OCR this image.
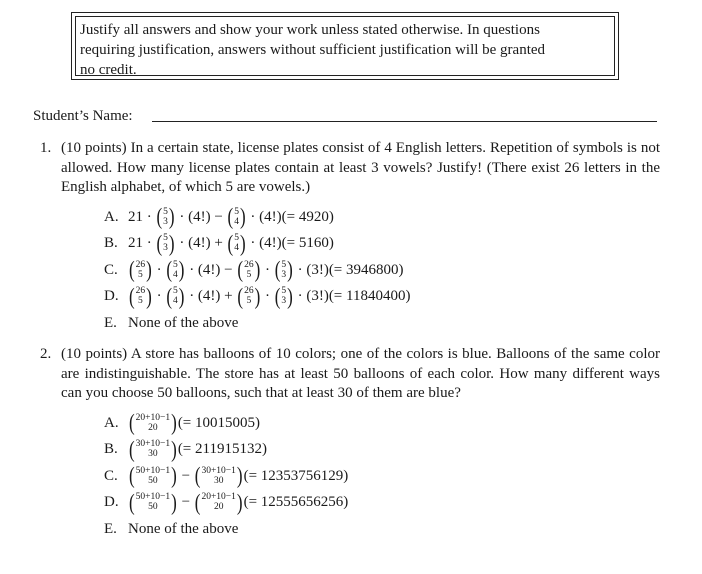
Justify all answers and show your work unless stated otherwise. In questions
requiring justification, answers without sufficient justification will be granted
no credit.
Student’s Name:
1. (10 points) In a certain state, license plates consist of 4 English letters. Repetition of symbols is not allowed. How many license plates contain at least 3 vowels? Justify! (There exist 26 letters in the English alphabet, of which 5 are vowels.)
A. 21 · ( 5
3 ) · (4!) − ( 5
4 ) · (4!) (= 4920)
B. 21 · ( 5
3 ) · (4!) + ( 5
4 ) · (4!) (= 5160)
C. ( 26
5 ) · ( 5
4 ) · (4!) − ( 26
5 ) · ( 5
3 ) · (3!) (= 3946800)
D. ( 26
5 ) · ( 5
4 ) · (4!) + ( 26
5 ) · ( 5
3 ) · (3!) (= 11840400)
E. None of the above
2. (10 points) A store has balloons of 10 colors; one of the colors is blue. Balloons of the same color are indistinguishable. The store has at least 50 balloons of each color. How many different ways can you choose 50 balloons, such that at least 30 of them are blue?
A. ( 20+10−1
20 ) (= 10015005)
B. ( 30+10−1
30 ) (= 211915132)
C. ( 50+10−1
50 ) − ( 30+10−1
30 ) (= 12353756129)
D. ( 50+10−1
50 ) − ( 20+10−1
20 ) (= 12555656256)
E. None of the above
